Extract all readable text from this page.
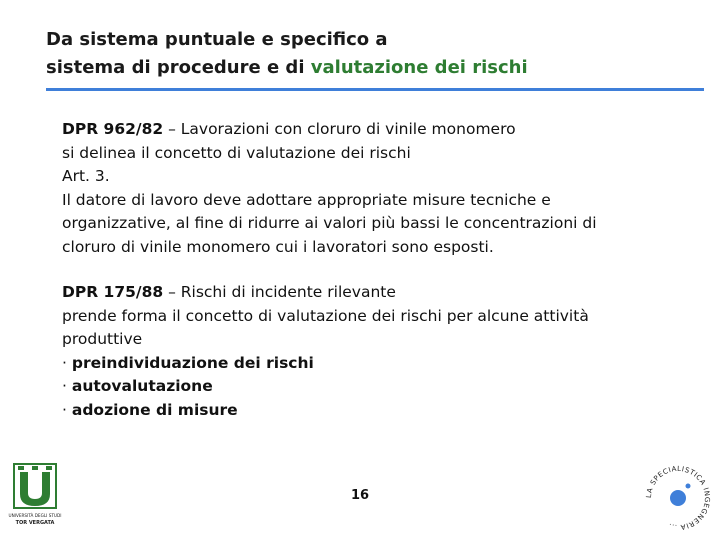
Da sistema puntuale e specifico a
sistema di procedure e di valutazione dei rischi

DPR 962/82 – Lavorazioni con cloruro di vinile monomero

si delinea il concetto di valutazione dei rischi

Art. 3.

Il datore di lavoro deve adottare appropriate misure tecniche e

organizzative, al fine di ridurre ai valori più bassi le concentrazioni di

cloruro di vinile monomero cui i lavoratori sono esposti.

DPR 175/88 – Rischi di incidente rilevante

prende forma il concetto di valutazione dei rischi per alcune attività

produttive

· preindividuazione dei rischi

· autovalutazione

· adozione di misure

16
UNIVERSITÀ DEGLI STUDI
TOR VERGATA
LA SPECIALISTICA INGEGNERIA ...
